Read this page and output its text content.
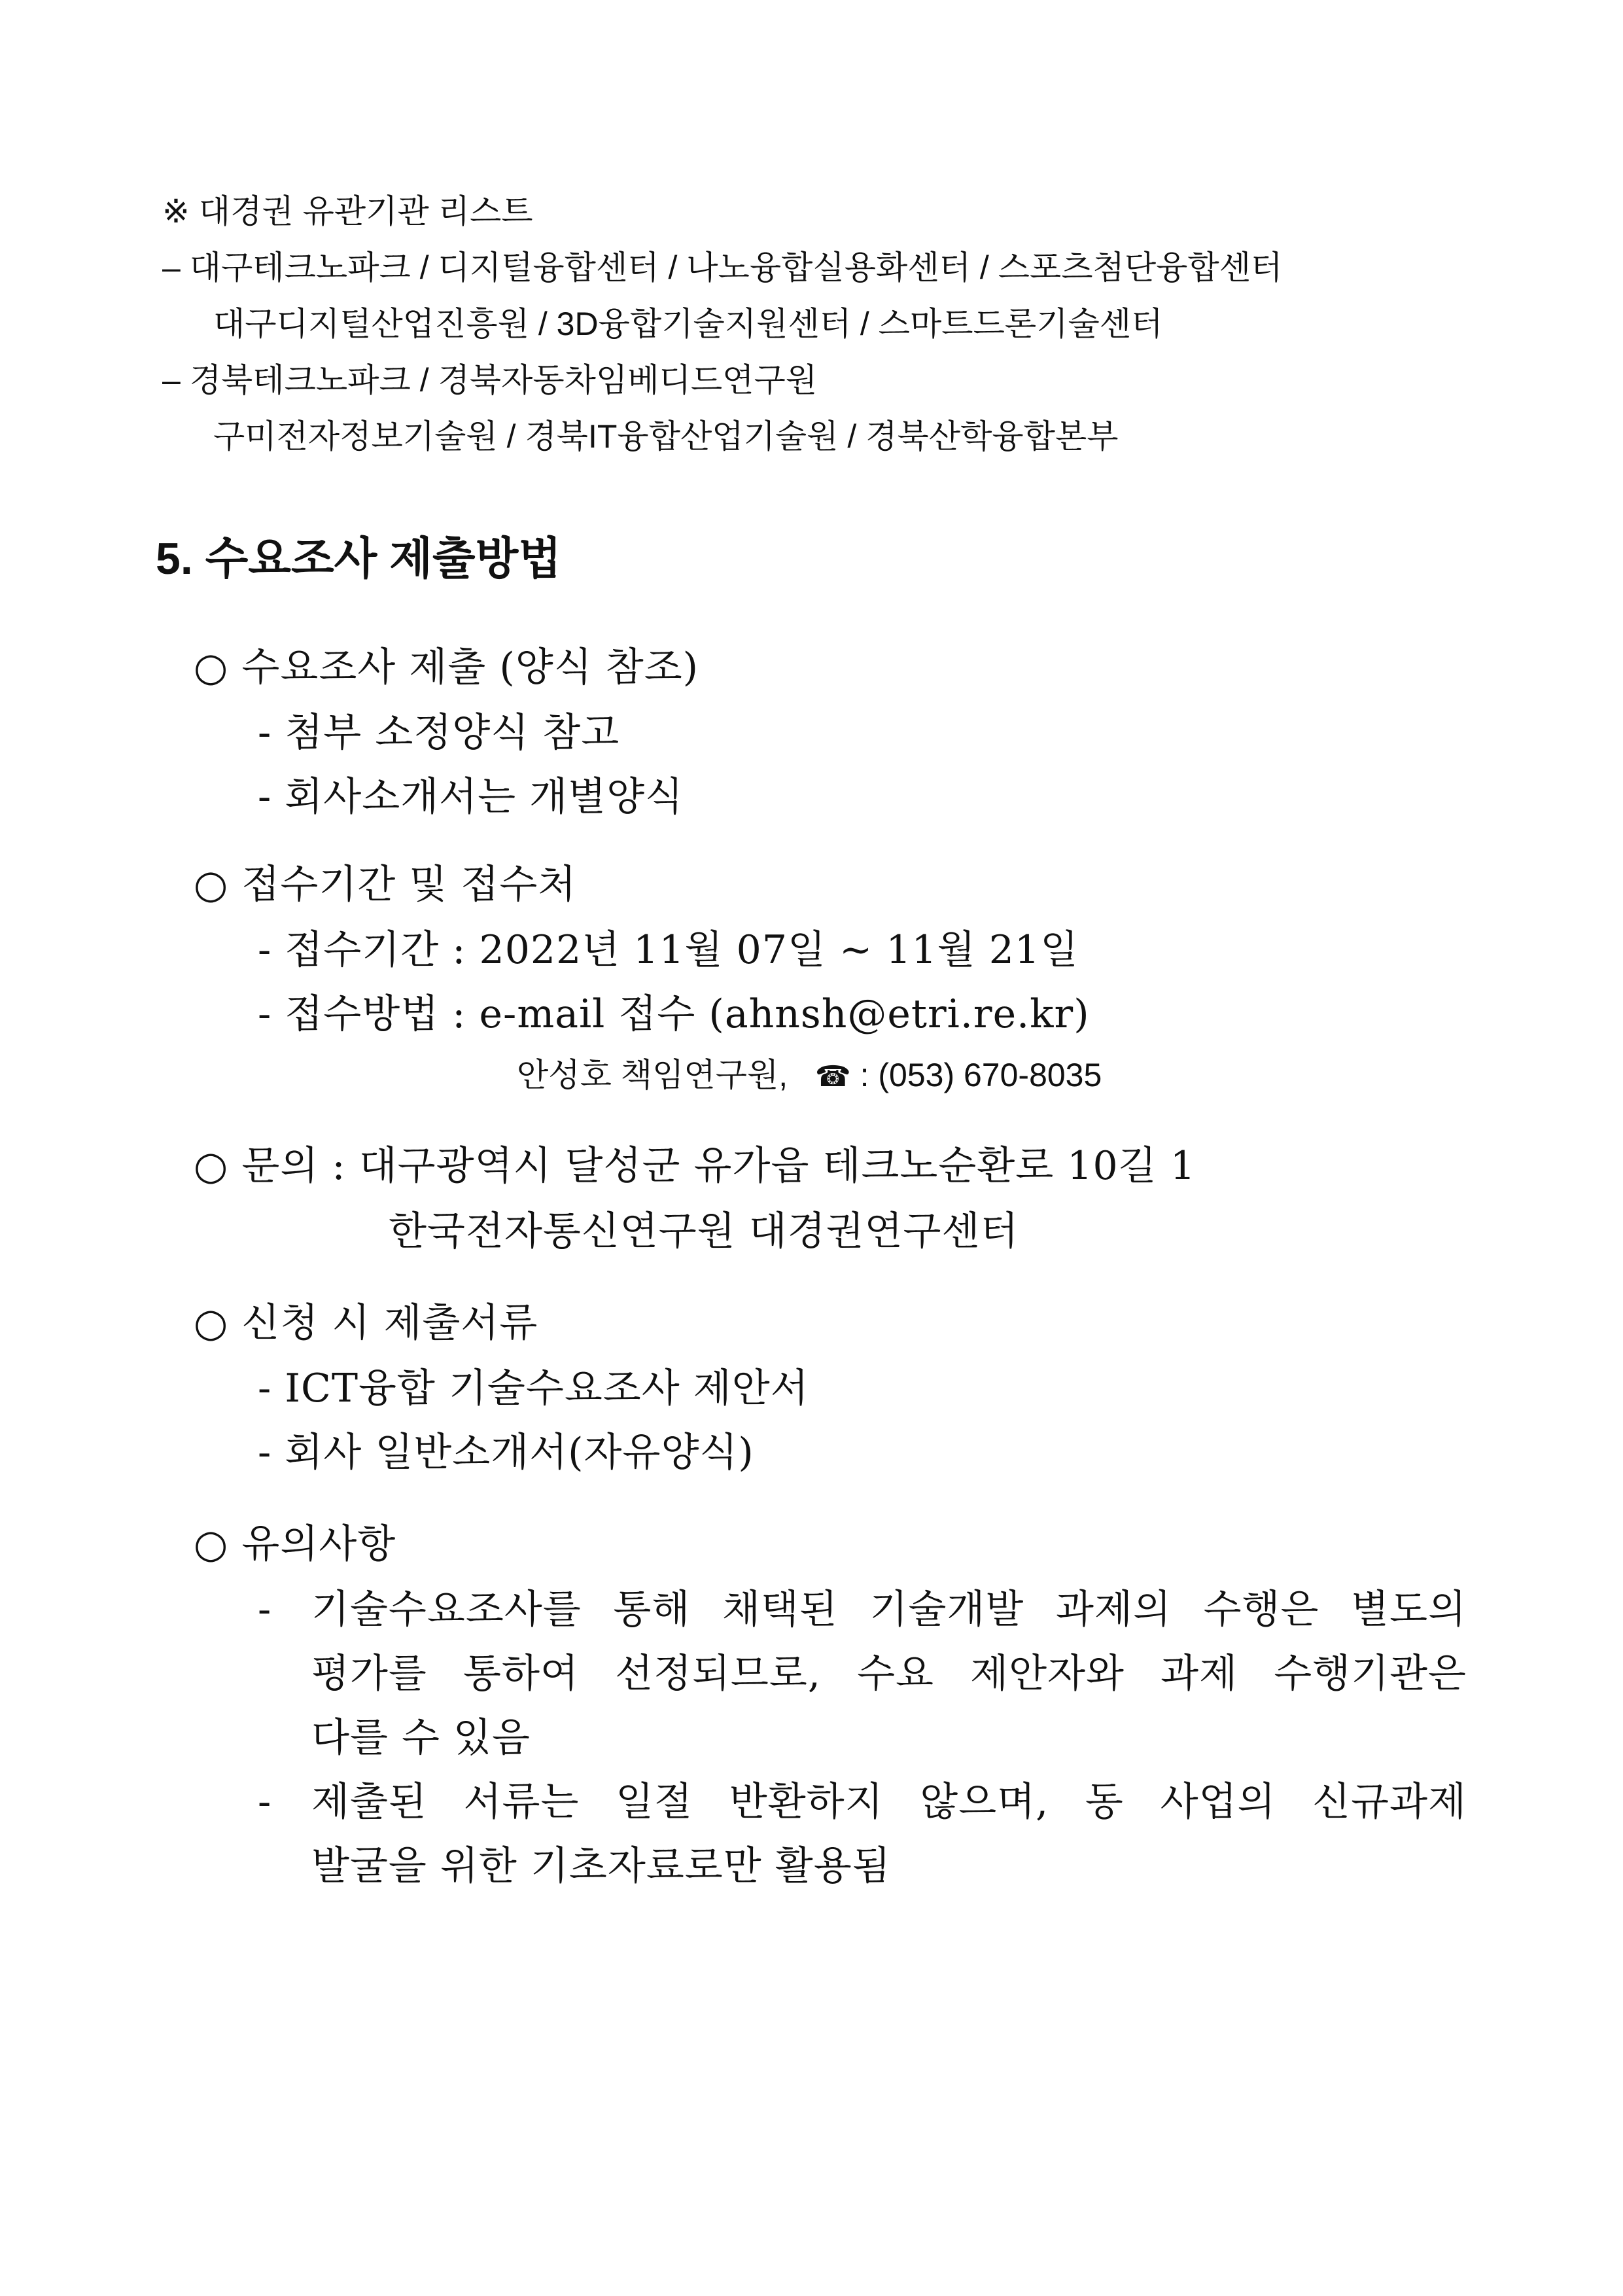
※ 대경권 유관기관 리스트
– 대구테크노파크 / 디지털융합센터 / 나노융합실용화센터 / 스포츠첨단융합센터
대구디지털산업진흥원 / 3D융합기술지원센터 / 스마트드론기술센터
– 경북테크노파크 / 경북자동차임베디드연구원
구미전자정보기술원 / 경북IT융합산업기술원 / 경북산학융합본부
5. 수요조사 제출방법
○ 수요조사 제출 (양식 참조)
- 첨부 소정양식 참고
- 회사소개서는 개별양식
○ 접수기간 및 접수처
- 접수기간 : 2022년 11월 07일 ~ 11월 21일
- 접수방법 : e-mail 접수 (ahnsh@etri.re.kr)
안성호 책임연구원, ☎ : (053) 670-8035
○ 문의 : 대구광역시 달성군 유가읍 테크노순환로 10길 1
한국전자통신연구원 대경권연구센터
○ 신청 시 제출서류
- ICT융합 기술수요조사 제안서
- 회사 일반소개서(자유양식)
○ 유의사항
- 기술수요조사를 통해 채택된 기술개발 과제의 수행은 별도의
평가를 통하여 선정되므로, 수요 제안자와 과제 수행기관은
다를 수 있음
- 제출된 서류는 일절 반환하지 않으며, 동 사업의 신규과제
발굴을 위한 기초자료로만 활용됨
